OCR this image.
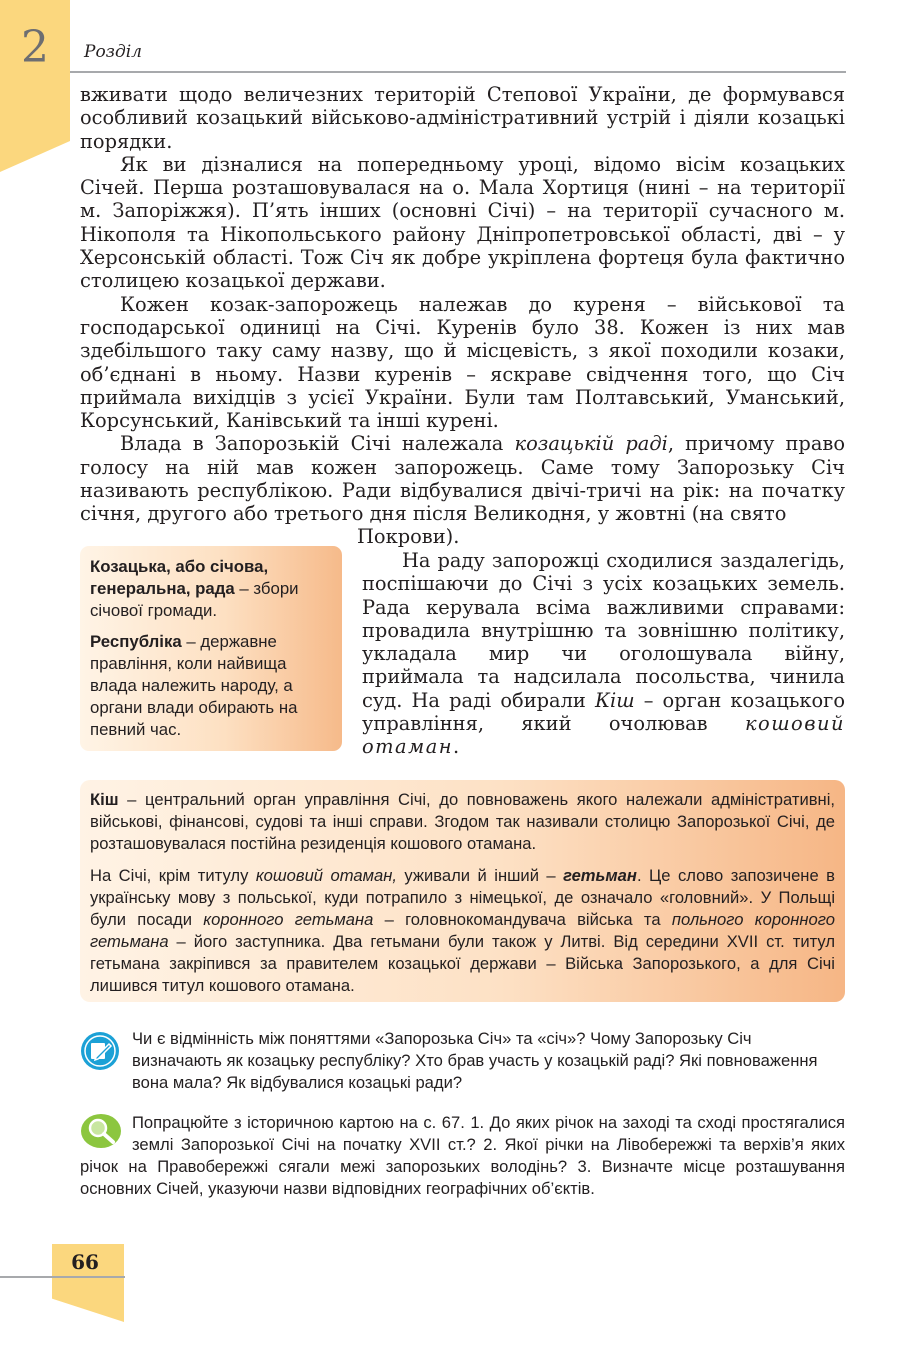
2	Розділ

вживати щодо величезних територій Степової України, де формувався особливий козацький військово-адміністративний устрій і діяли козацькі порядки.

Як ви дізналися на попередньому уроці, відомо вісім козацьких Січей. Перша розташовувалася на о. Мала Хортиця (нині – на території м. Запоріжжя). П’ять інших (основні Січі) – на території сучасного м. Нікополя та Нікопольського району Дніпропетровської області, дві – у Херсонській області. Тож Січ як добре укріплена фортеця була фактично столицею козацької держави.

Кожен козак-запорожець належав до куреня – військової та господарської одиниці на Січі. Куренів було 38. Кожен із них мав здебільшого таку саму назву, що й місцевість, з якої походили козаки, об’єднані в ньому. Назви куренів – яскраве свідчення того, що Січ приймала вихідців з усієї України. Були там Полтавський, Уманський, Корсунський, Канівський та інші курені.

Влада в Запорозькій Січі належала козацькій раді, причому право голосу на ній мав кожен запорожець. Саме тому Запорозьку Січ називають республікою. Ради відбувалися двічі-тричі на рік: на початку січня, другого або третього дня після Великодня, у жовтні (на свято

Покрови).

Козацька, або січова, генеральна, рада – збори січової громади.

Республіка – державне правління, коли найвища влада належить народу, а органи влади обирають на певний час.

На раду запорожці сходилися заздалегідь, поспішаючи до Січі з усіх козацьких земель. Рада керувала всіма важливими справами: провадила внутрішню та зовнішню політику, укладала мир чи оголошувала війну, приймала та надсилала посольства, чинила суд. На раді обирали Кіш – орган козацького управління, який очолював кошовий отаман.

Кіш – центральний орган управління Січі, до повноважень якого належали адміністративні, військові, фінансові, судові та інші справи. Згодом так називали столицю Запорозької Січі, де розташовувалася постійна резиденція кошового отамана.

На Січі, крім титулу кошовий отаман, уживали й інший – гетьман. Це слово запозичене в українську мову з польської, куди потрапило з німецької, де означало «головний». У Польщі були посади коронного гетьмана – головнокомандувача війська та польного коронного гетьмана – його заступника. Два гетьмани були також у Литві. Від середини XVII ст. титул гетьмана закріпився за правителем козацької держави – Війська Запорозького, а для Січі лишився титул кошового отамана.

Чи є відмінність між поняттями «Запорозька Січ» та «січ»? Чому Запорозьку Січ визначають як козацьку республіку? Хто брав участь у козацькій раді? Які повноваження вона мала? Як відбувалися козацькі ради?
Попрацюйте з історичною картою на с. 67. 1. До яких річок на заході та сході простягалися землі Запорозької Січі на початку XVII ст.? 2. Якої річки на Лівобережжі та верхів’я яких річок на Правобережжі сягали межі запорозьких володінь? 3. Визначте місце розташування основних Січей, указуючи назви відповідних географічних об’єктів.
66
